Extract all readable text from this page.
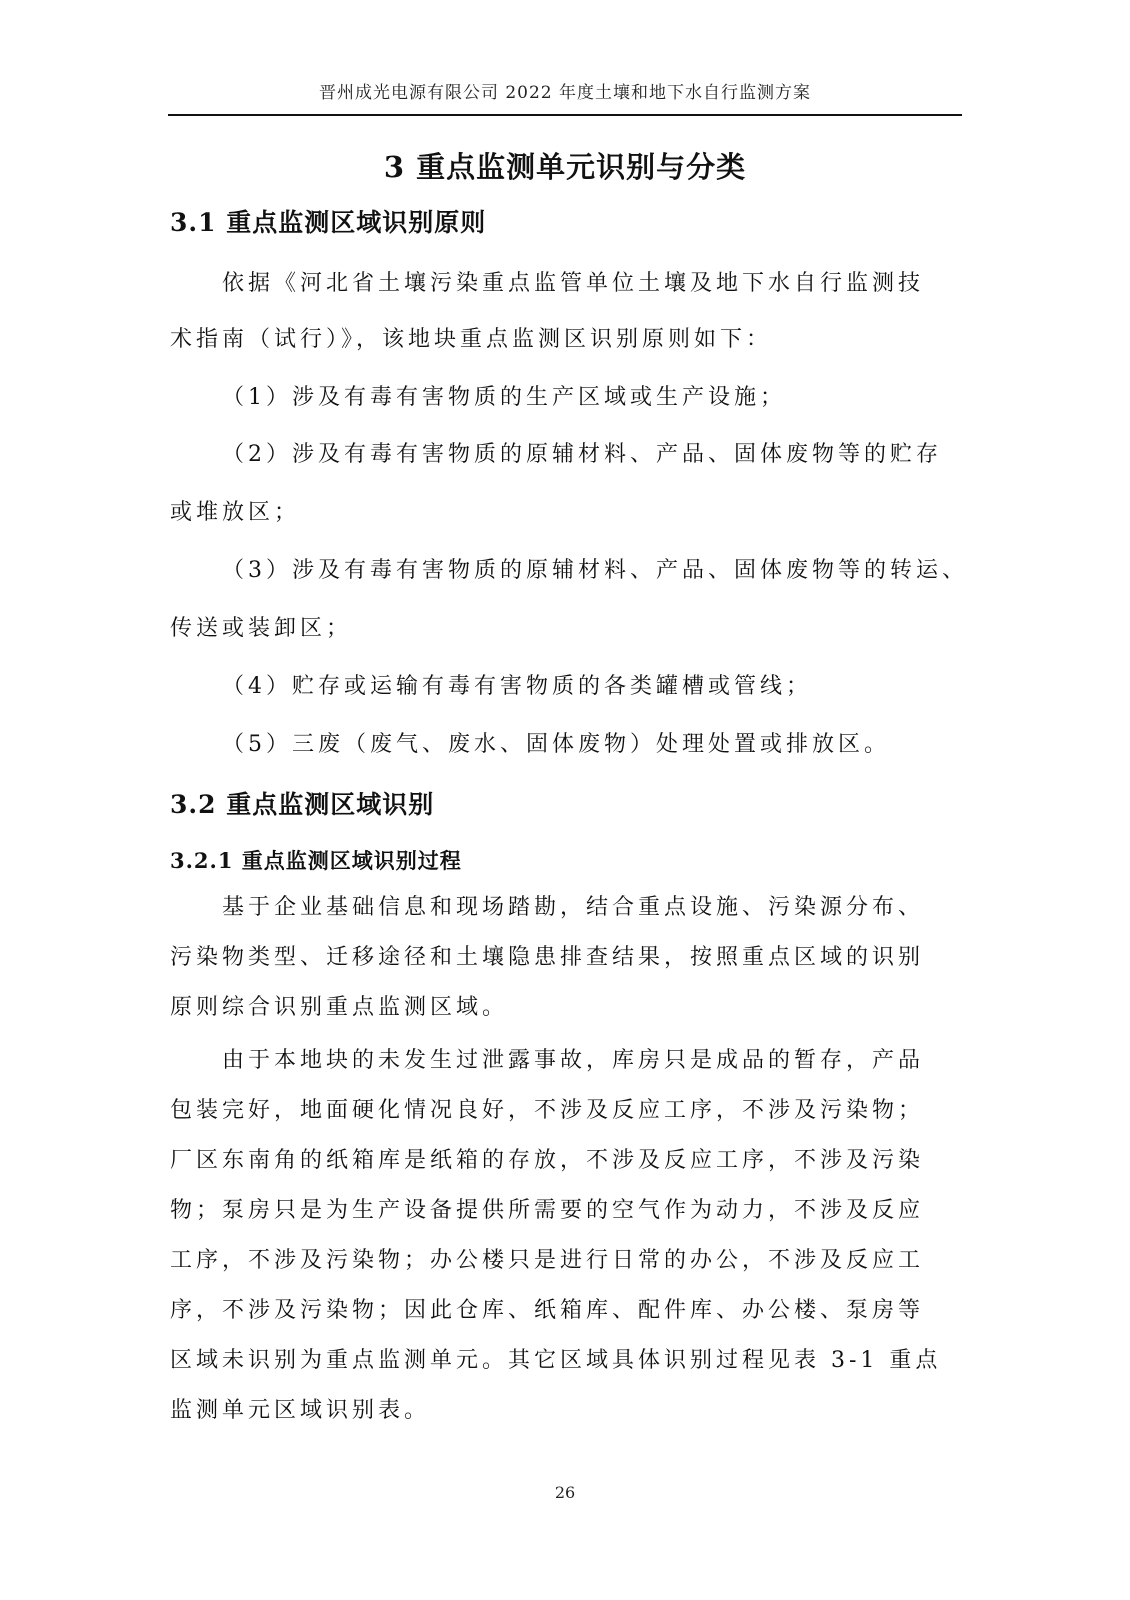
晋州成光电源有限公司 2022 年度土壤和地下水自行监测方案
3 重点监测单元识别与分类
3.1 重点监测区域识别原则
依据《河北省土壤污染重点监管单位土壤及地下水自行监测技
术指南（试行）》，该地块重点监测区识别原则如下：
（1）涉及有毒有害物质的生产区域或生产设施；
（2）涉及有毒有害物质的原辅材料、产品、固体废物等的贮存
或堆放区；
（3）涉及有毒有害物质的原辅材料、产品、固体废物等的转运、
传送或装卸区；
（4）贮存或运输有毒有害物质的各类罐槽或管线；
（5）三废（废气、废水、固体废物）处理处置或排放区。
3.2 重点监测区域识别
3.2.1 重点监测区域识别过程
基于企业基础信息和现场踏勘，结合重点设施、污染源分布、
污染物类型、迁移途径和土壤隐患排查结果，按照重点区域的识别
原则综合识别重点监测区域。
由于本地块的未发生过泄露事故，库房只是成品的暂存，产品
包装完好，地面硬化情况良好，不涉及反应工序，不涉及污染物；
厂区东南角的纸箱库是纸箱的存放，不涉及反应工序，不涉及污染
物；泵房只是为生产设备提供所需要的空气作为动力，不涉及反应
工序，不涉及污染物；办公楼只是进行日常的办公，不涉及反应工
序，不涉及污染物；因此仓库、纸箱库、配件库、办公楼、泵房等
区域未识别为重点监测单元。其它区域具体识别过程见表 3-1 重点
监测单元区域识别表。
26
